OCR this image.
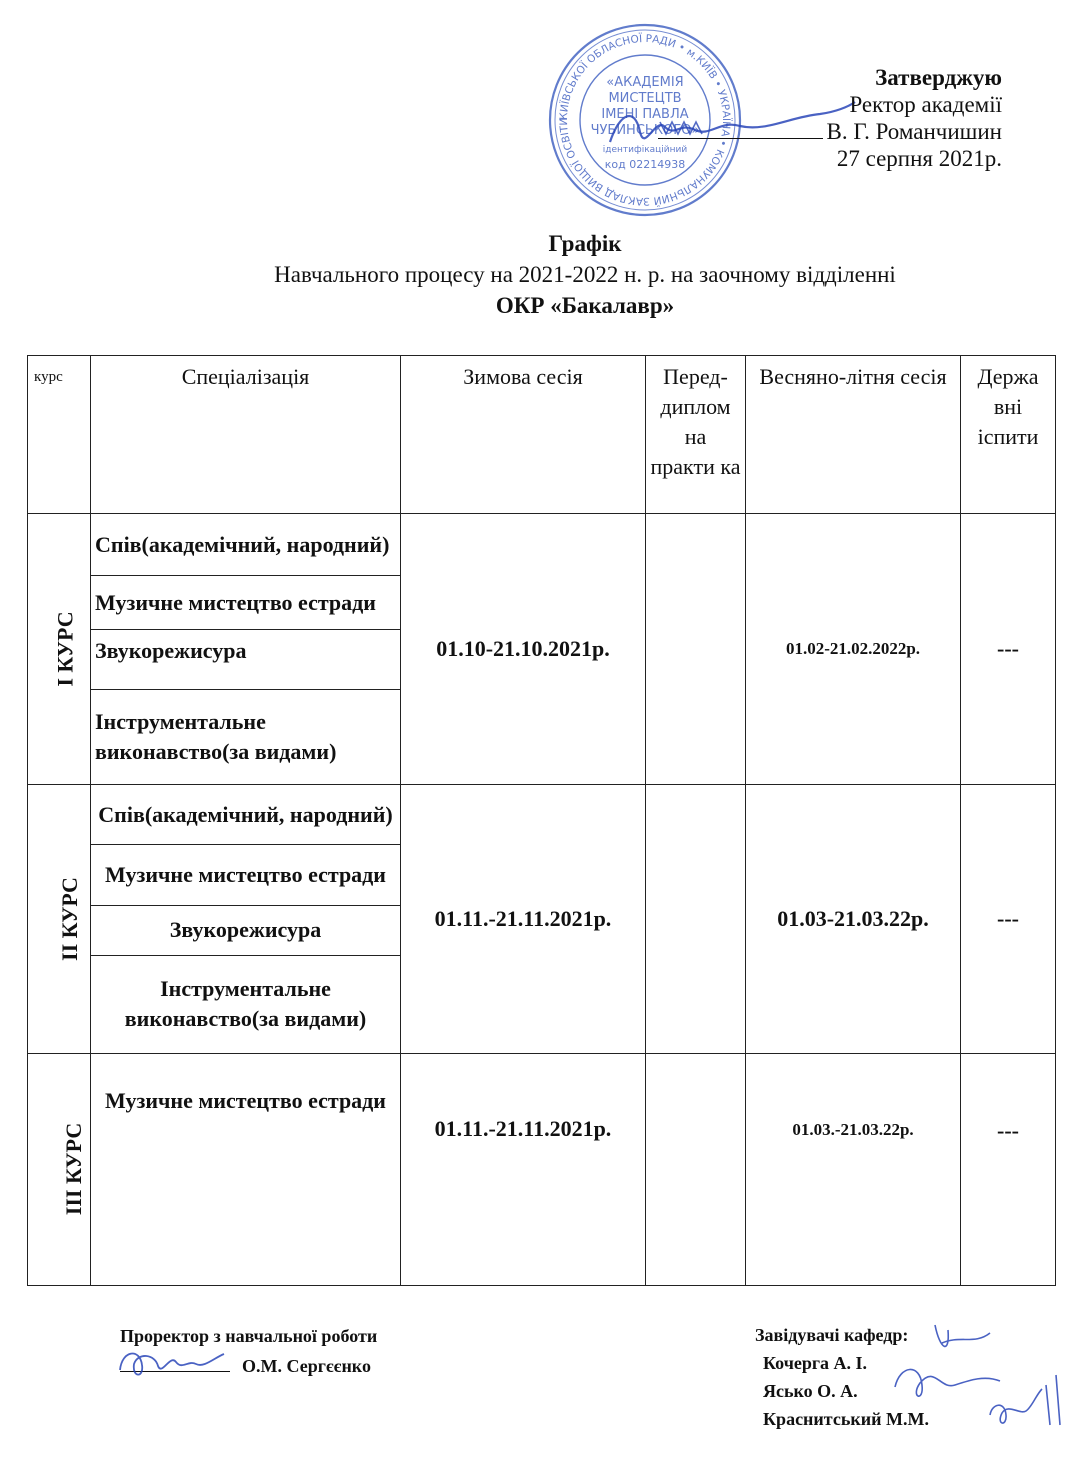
КИЇВСЬКОЇ ОБЛАСНОЇ РАДИ • м.КИЇВ • УКРАЇНА • КОМУНАЛЬНИЙ ЗАКЛАД ВИЩОЇ ОСВІТИ
«АКАДЕМІЯ
МИСТЕЦТВ
ІМЕНІ ПАВЛА
ЧУБИНСЬКОГО»
ідентифікаційний
код 02214938
Затверджую
Ректор академії
В. Г. Романчишин
27 серпня 2021р.
Графік
Навчального процесу на 2021-2022 н. р. на заочному відділенні
ОКР «Бакалавр»
курс	Спеціалізація	Зимова сесія	Перед-диплом на практи ка	Весняно-літня сесія	Держа вні іспити
І КУРС	Спів(академічний, народний)	01.10-21.10.2021р.		01.02-21.02.2022р.	---
	Музичне мистецтво естради				
	Звукорежисура				
	Інструментальне виконавство(за видами)				
ІІ КУРС	Спів(академічний, народний)	01.11.-21.11.2021р.		01.03-21.03.22р.	---
	Музичне мистецтво естради				
	Звукорежисура				
	Інструментальне виконавство(за видами)				
ІІІ КУРС	Музичне мистецтво естради	01.11.-21.11.2021р.		01.03.-21.03.22р.	---
Проректор з навчальної роботи
О.М. Сергєєнко
Завідувачі кафедр:
Кочерга А. І.
Ясько О. А.
Краснитський М.М.
